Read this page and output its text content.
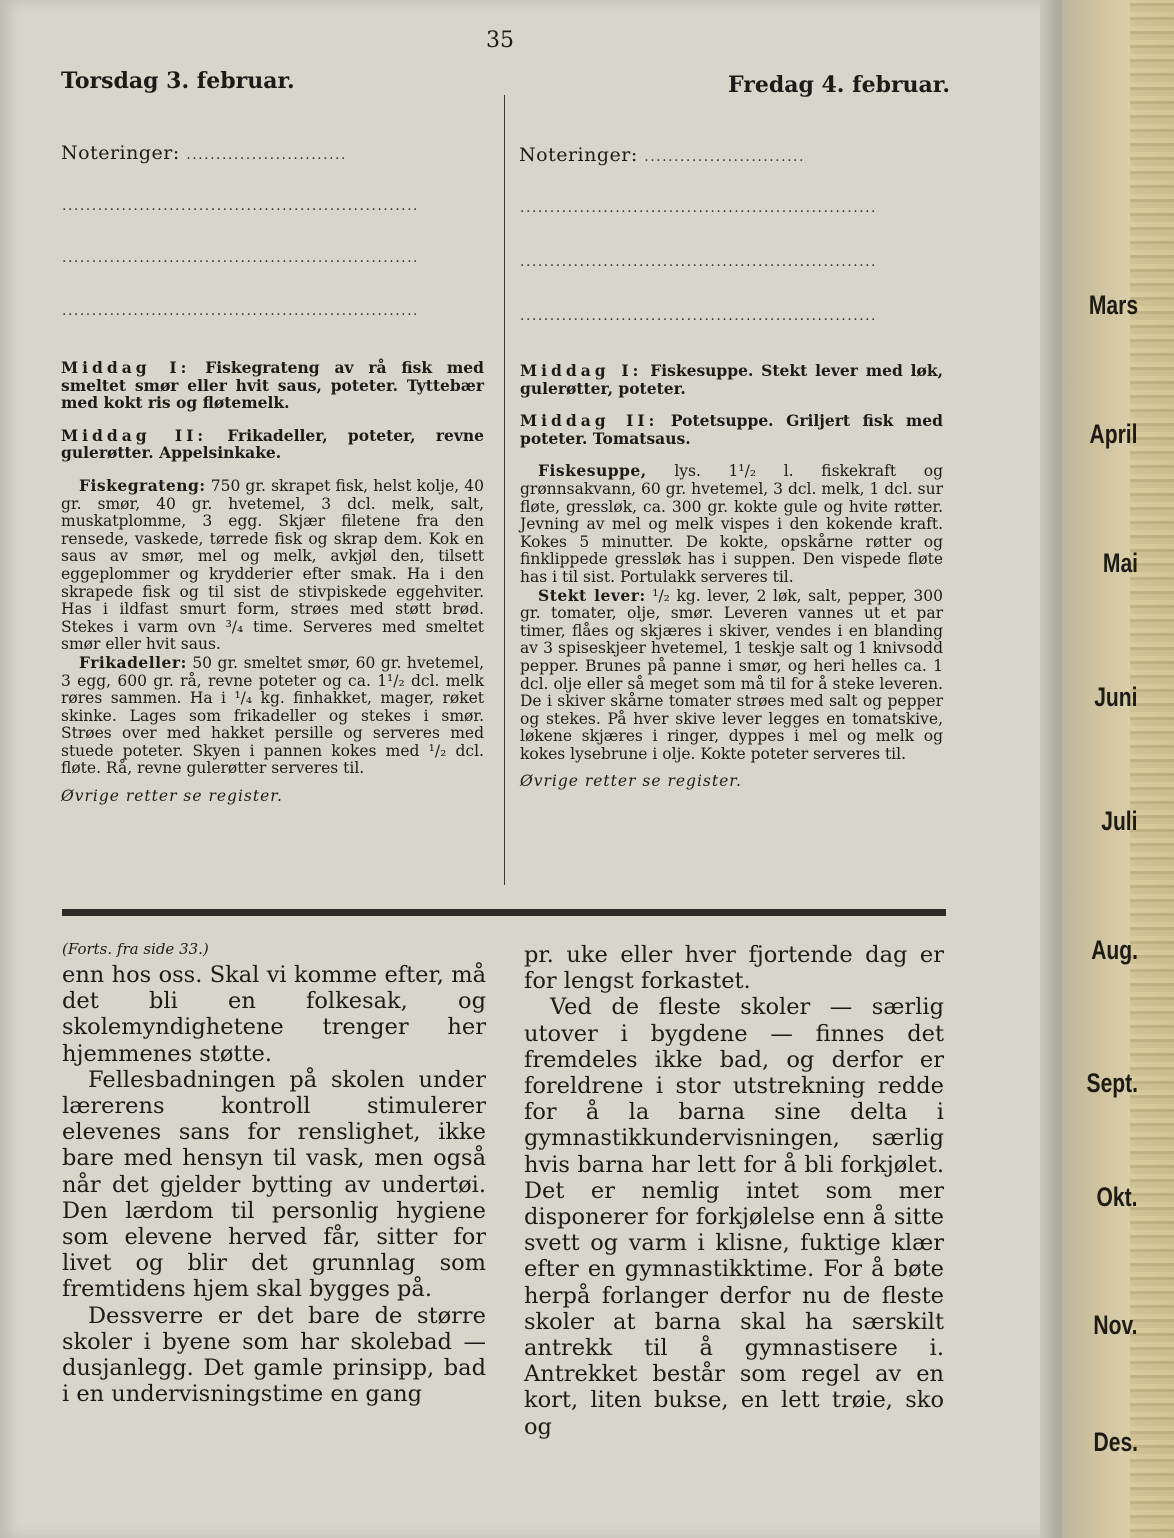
Mars
April
Mai
Juni
Juli
Aug.
Sept.
Okt.
Nov.
Des.
35
Torsdag 3. februar.	Fredag 4. februar.
Noteringer: ...........................
............................................................
............................................................
............................................................
Noteringer: ...........................
............................................................
............................................................
............................................................

Middag I: Fiskegrateng av rå fisk med smeltet smør eller hvit saus, poteter. Tyttebær med kokt ris og fløtemelk.

Middag II: Frikadeller, poteter, revne gulerøtter. Appelsinkake.

Fiskegrateng: 750 gr. skrapet fisk, helst kolje, 40 gr. smør, 40 gr. hvetemel, 3 dcl. melk, salt, muskatplomme, 3 egg. Skjær filetene fra den rensede, vaskede, tørrede fisk og skrap dem. Kok en saus av smør, mel og melk, avkjøl den, tilsett eggeplommer og krydderier efter smak. Ha i den skrapede fisk og til sist de stivpiskede eggehviter. Has i ildfast smurt form, strøes med støtt brød. Stekes i varm ovn ³/₄ time. Serveres med smeltet smør eller hvit saus.

Frikadeller: 50 gr. smeltet smør, 60 gr. hvetemel, 3 egg, 600 gr. rå, revne poteter og ca. 1¹/₂ dcl. melk røres sammen. Ha i ¹/₄ kg. finhakket, mager, røket skinke. Lages som frikadeller og stekes i smør. Strøes over med hakket persille og serveres med stuede poteter. Skyen i pannen kokes med ¹/₂ dcl. fløte. Rå, revne gulerøtter serveres til.

Øvrige retter se register.

Middag I: Fiskesuppe. Stekt lever med løk, gulerøtter, poteter.

Middag II: Potetsuppe. Griljert fisk med poteter. Tomatsaus.

Fiskesuppe, lys. 1¹/₂ l. fiskekraft og grønnsakvann, 60 gr. hvetemel, 3 dcl. melk, 1 dcl. sur fløte, gressløk, ca. 300 gr. kokte gule og hvite røtter. Jevning av mel og melk vispes i den kokende kraft. Kokes 5 minutter. De kokte, opskårne røtter og finklippede gressløk has i suppen. Den vispede fløte has i til sist. Portulakk serveres til.

Stekt lever: ¹/₂ kg. lever, 2 løk, salt, pepper, 300 gr. tomater, olje, smør. Leveren vannes ut et par timer, flåes og skjæres i skiver, vendes i en blanding av 3 spiseskjeer hvetemel, 1 teskje salt og 1 knivsodd pepper. Brunes på panne i smør, og heri helles ca. 1 dcl. olje eller så meget som må til for å steke leveren. De i skiver skårne tomater strøes med salt og pepper og stekes. På hver skive lever legges en tomatskive, løkene skjæres i ringer, dyppes i mel og melk og kokes lysebrune i olje. Kokte poteter serveres til.

Øvrige retter se register.

(Forts. fra side 33.)

enn hos oss. Skal vi komme efter, må det bli en folkesak, og skolemyndighetene trenger her hjemmenes støtte.

Fellesbadningen på skolen under lærerens kontroll stimulerer elevenes sans for renslighet, ikke bare med hensyn til vask, men også når det gjelder bytting av undertøi. Den lærdom til personlig hygiene som elevene herved får, sitter for livet og blir det grunnlag som fremtidens hjem skal bygges på.

Dessverre er det bare de større skoler i byene som har skolebad — dusjanlegg. Det gamle prinsipp, bad i en undervisningstime en gang

pr. uke eller hver fjortende dag er for lengst forkastet.

Ved de fleste skoler — særlig utover i bygdene — finnes det fremdeles ikke bad, og derfor er foreldrene i stor utstrekning redde for å la barna sine delta i gymnastikkundervisningen, særlig hvis barna har lett for å bli forkjølet. Det er nemlig intet som mer disponerer for forkjølelse enn å sitte svett og varm i klisne, fuktige klær efter en gymnastikktime. For å bøte herpå forlanger derfor nu de fleste skoler at barna skal ha særskilt antrekk til å gymnastisere i. Antrekket består som regel av en kort, liten bukse, en lett trøie, sko og
